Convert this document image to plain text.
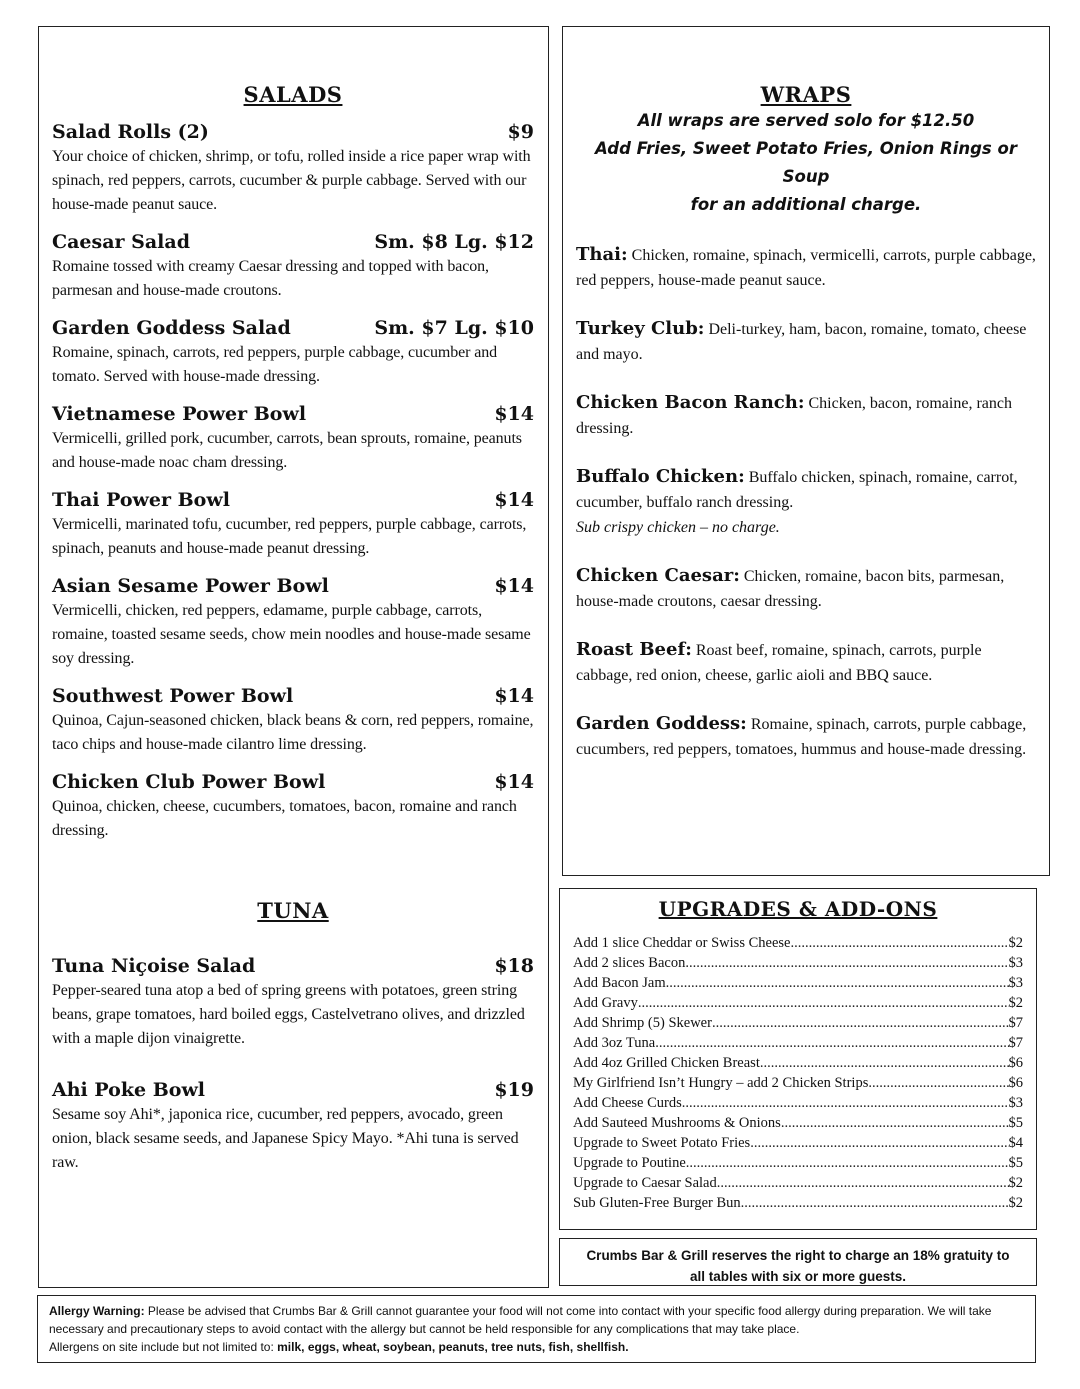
SALADS
Salad Rolls (2)	$9
Your choice of chicken, shrimp, or tofu, rolled inside a rice paper wrap with spinach, red peppers, carrots, cucumber & purple cabbage. Served with our house-made peanut sauce.
Caesar Salad	Sm. $8 Lg. $12
Romaine tossed with creamy Caesar dressing and topped with bacon, parmesan and house-made croutons.
Garden Goddess Salad	Sm. $7 Lg. $10
Romaine, spinach, carrots, red peppers, purple cabbage, cucumber and tomato. Served with house-made dressing.
Vietnamese Power Bowl	$14
Vermicelli, grilled pork, cucumber, carrots, bean sprouts, romaine, peanuts and house-made noac cham dressing.
Thai Power Bowl	$14
Vermicelli, marinated tofu, cucumber, red peppers, purple cabbage, carrots, spinach, peanuts and house-made peanut dressing.
Asian Sesame Power Bowl	$14
Vermicelli, chicken, red peppers, edamame, purple cabbage, carrots, romaine, toasted sesame seeds, chow mein noodles and house-made sesame soy dressing.
Southwest Power Bowl	$14
Quinoa, Cajun-seasoned chicken, black beans & corn, red peppers, romaine, taco chips and house-made cilantro lime dressing.
Chicken Club Power Bowl	$14
Quinoa, chicken, cheese, cucumbers, tomatoes, bacon, romaine and ranch dressing.
TUNA
Tuna Niçoise Salad	$18
Pepper-seared tuna atop a bed of spring greens with potatoes, green string beans, grape tomatoes, hard boiled eggs, Castelvetrano olives, and drizzled with a maple dijon vinaigrette.
Ahi Poke Bowl	$19
Sesame soy Ahi*, japonica rice, cucumber, red peppers, avocado, green onion, black sesame seeds, and Japanese Spicy Mayo. *Ahi tuna is served raw.
WRAPS
All wraps are served solo for $12.50
Add Fries, Sweet Potato Fries, Onion Rings or Soup
for an additional charge.
Thai: Chicken, romaine, spinach, vermicelli, carrots, purple cabbage, red peppers, house-made peanut sauce.
Turkey Club: Deli-turkey, ham, bacon, romaine, tomato, cheese and mayo.
Chicken Bacon Ranch: Chicken, bacon, romaine, ranch dressing.
Buffalo Chicken: Buffalo chicken, spinach, romaine, carrot, cucumber, buffalo ranch dressing.
Sub crispy chicken – no charge.
Chicken Caesar: Chicken, romaine, bacon bits, parmesan, house-made croutons, caesar dressing.
Roast Beef: Roast beef, romaine, spinach, carrots, purple cabbage, red onion, cheese, garlic aioli and BBQ sauce.
Garden Goddess: Romaine, spinach, carrots, purple cabbage, cucumbers, red peppers, tomatoes, hummus and house-made dressing.
UPGRADES & ADD-ONS
Add 1 slice Cheddar or Swiss Cheese .....	$2
Add 2 slices Bacon .....	$3
Add Bacon Jam .....	$3
Add Gravy .....	$2
Add Shrimp (5) Skewer .....	$7
Add 3oz Tuna .....	$7
Add 4oz Grilled Chicken Breast .....	$6
My Girlfriend Isn’t Hungry – add 2 Chicken Strips .....	$6
Add Cheese Curds .....	$3
Add Sauteed Mushrooms & Onions .....	$5
Upgrade to Sweet Potato Fries .....	$4
Upgrade to Poutine .....	$5
Upgrade to Caesar Salad .....	$2
Sub Gluten-Free Burger Bun .....	$2
Crumbs Bar & Grill reserves the right to charge an 18% gratuity to
all tables with six or more guests.
Allergy Warning: Please be advised that Crumbs Bar & Grill cannot guarantee your food will not come into contact with your specific food allergy during preparation. We will take necessary and precautionary steps to avoid contact with the allergy but cannot be held responsible for any complications that may take place.
Allergens on site include but not limited to: milk, eggs, wheat, soybean, peanuts, tree nuts, fish, shellfish.
